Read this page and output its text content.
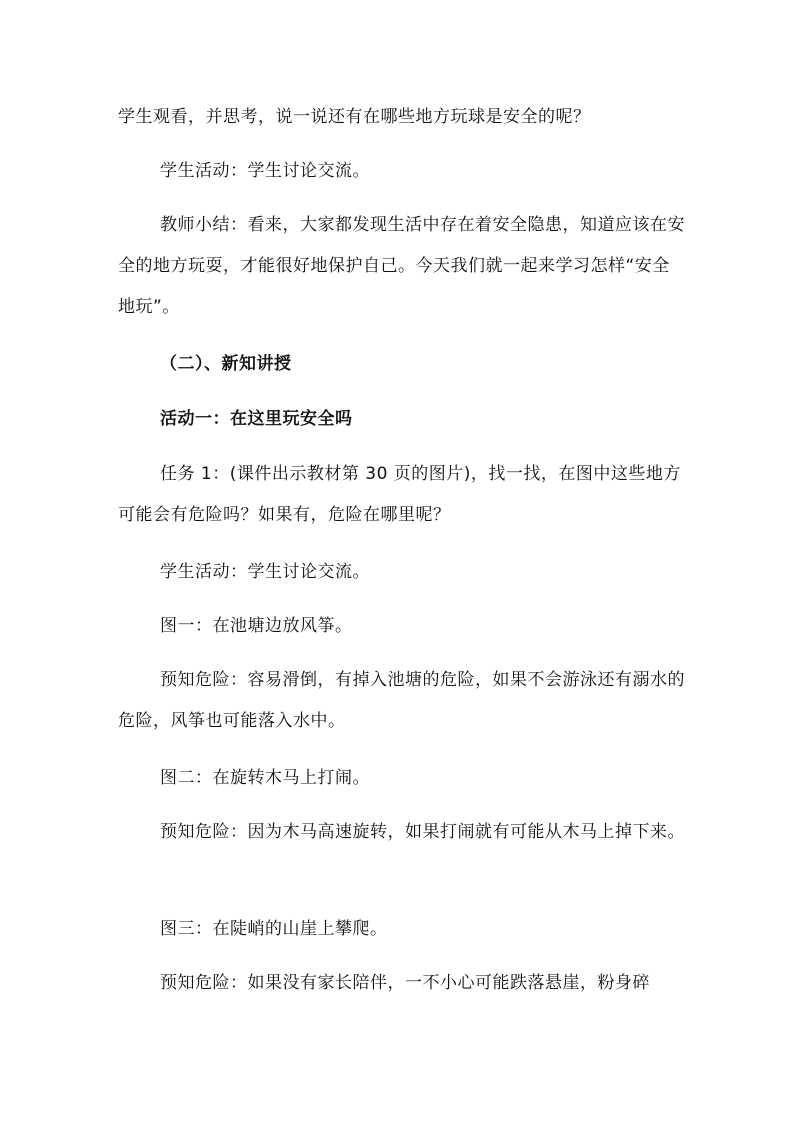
学生观看，并思考，说一说还有在哪些地方玩球是安全的呢？

学生活动：学生讨论交流。

教师小结：看来，大家都发现生活中存在着安全隐患，知道应该在安全的地方玩耍，才能很好地保护自己。今天我们就一起来学习怎样“安全地玩”。

（二）、新知讲授

活动一：在这里玩安全吗

任务 1：(课件出示教材第 30 页的图片)，找一找，在图中这些地方可能会有危险吗？如果有，危险在哪里呢？

学生活动：学生讨论交流。

图一：在池塘边放风筝。

预知危险：容易滑倒，有掉入池塘的危险，如果不会游泳还有溺水的危险，风筝也可能落入水中。

图二：在旋转木马上打闹。

预知危险：因为木马高速旋转，如果打闹就有可能从木马上掉下来。

图三：在陡峭的山崖上攀爬。

预知危险：如果没有家长陪伴，一不小心可能跌落悬崖，粉身碎
